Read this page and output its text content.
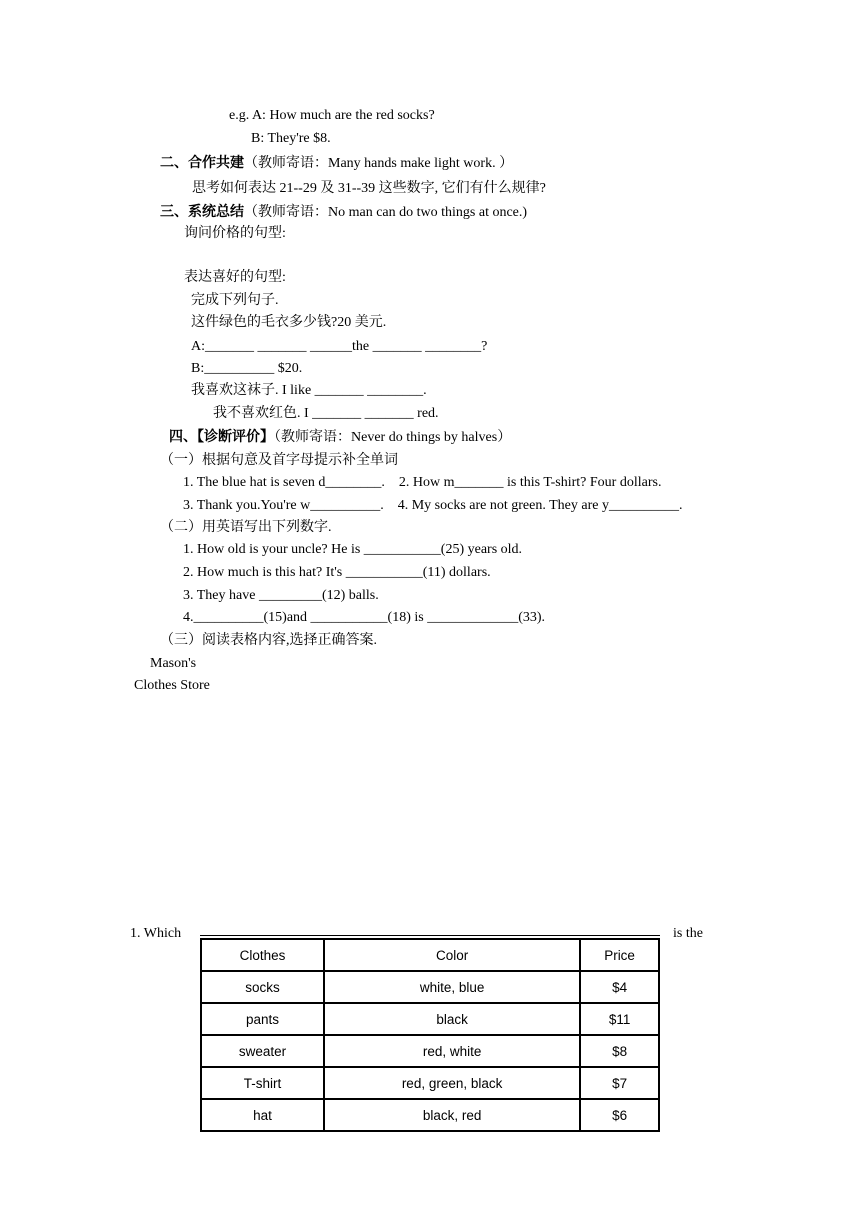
e.g. A: How much are the red socks?
B: They're $8.
二、合作共建（教师寄语：Many hands make light work. ）
思考如何表达 21--29 及 31--39 这些数字, 它们有什么规律?
三、系统总结（教师寄语：No man can do two things at once.)
询问价格的句型:
表达喜好的句型:
完成下列句子.
这件绿色的毛衣多少钱?20 美元.
A:_______ _______ ______the _______ ________?
B:__________ $20.
我喜欢这袜子. I like _______ ________.
我不喜欢红色. I _______ _______ red.
四、【诊断评价】（教师寄语：Never do things by halves）
（一）根据句意及首字母提示补全单词
1. The blue hat is seven d________.    2. How m_______ is this T-shirt? Four dollars.
3. Thank you.You're w__________.    4. My socks are not green. They are y__________.
（二）用英语写出下列数字.
1. How old is your uncle? He is ___________(25) years old.
2. How much is this hat? It's ___________(11) dollars.
3. They have _________(12) balls.
4.__________(15)and ___________(18) is _____________(33).
（三）阅读表格内容,选择正确答案.
Mason's
Clothes Store
1. Which	is the
Clothes	Color	Price
socks	white, blue	$4
pants	black	$11
sweater	red, white	$8
T-shirt	red, green, black	$7
hat	black, red	$6
